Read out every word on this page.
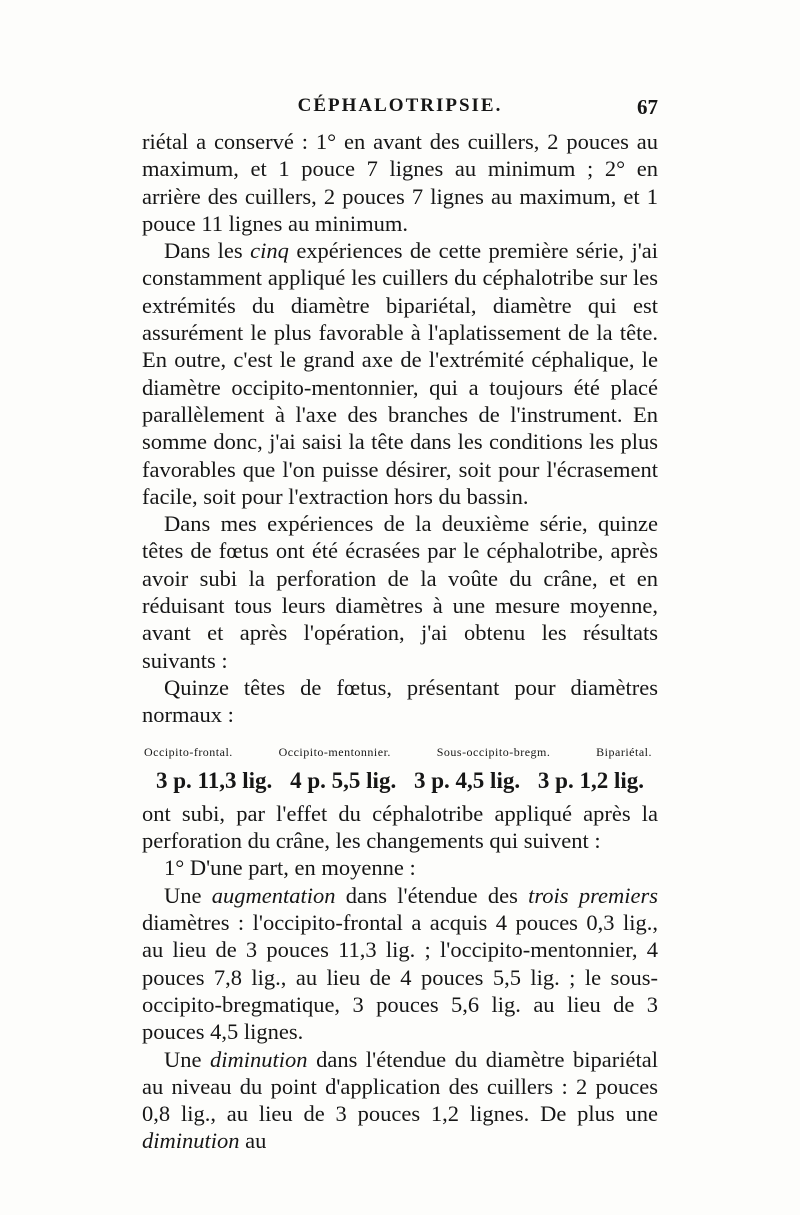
CÉPHALOTRIPSIE.	67

riétal a conservé : 1° en avant des cuillers, 2 pouces au maximum, et 1 pouce 7 lignes au minimum ; 2° en arrière des cuillers, 2 pouces 7 lignes au maximum, et 1 pouce 11 lignes au minimum.

Dans les cinq expériences de cette première série, j'ai constamment appliqué les cuillers du céphalotribe sur les extrémités du diamètre bipariétal, diamètre qui est assurément le plus favorable à l'aplatissement de la tête. En outre, c'est le grand axe de l'extrémité céphalique, le diamètre occipito-mentonnier, qui a toujours été placé parallèlement à l'axe des branches de l'instrument. En somme donc, j'ai saisi la tête dans les conditions les plus favorables que l'on puisse désirer, soit pour l'écrasement facile, soit pour l'extraction hors du bassin.

Dans mes expériences de la deuxième série, quinze têtes de fœtus ont été écrasées par le céphalotribe, après avoir subi la perforation de la voûte du crâne, et en réduisant tous leurs diamètres à une mesure moyenne, avant et après l'opération, j'ai obtenu les résultats suivants :

Quinze têtes de fœtus, présentant pour diamètres normaux :

Occipito-frontal.	Occipito-mentonnier.	Sous-occipito-bregm.	Bipariétal.
3 p. 11,3 lig. 4 p. 5,5 lig. 3 p. 4,5 lig. 3 p. 1,2 lig.

ont subi, par l'effet du céphalotribe appliqué après la perforation du crâne, les changements qui suivent :

1° D'une part, en moyenne :

Une augmentation dans l'étendue des trois premiers diamètres : l'occipito-frontal a acquis 4 pouces 0,3 lig., au lieu de 3 pouces 11,3 lig. ; l'occipito-mentonnier, 4 pouces 7,8 lig., au lieu de 4 pouces 5,5 lig. ; le sous-occipito-bregmatique, 3 pouces 5,6 lig. au lieu de 3 pouces 4,5 lignes.

Une diminution dans l'étendue du diamètre bipariétal au niveau du point d'application des cuillers : 2 pouces 0,8 lig., au lieu de 3 pouces 1,2 lignes. De plus une diminution au
